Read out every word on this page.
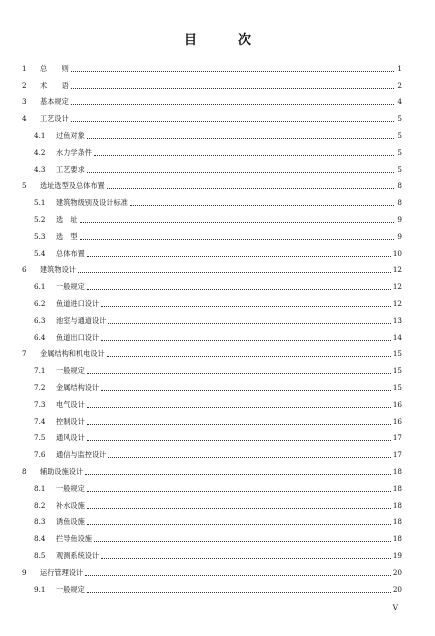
目　次
1	总　　则	1
2	术　　语	2
3	基本规定	4
4	工艺设计	5
4.1	过鱼对象	5
4.2	水力学条件	5
4.3	工艺要求	5
5	选址选型及总体布置	8
5.1	建筑物级别及设计标准	8
5.2	选　址	9
5.3	选　型	9
5.4	总体布置	10
6	建筑物设计	12
6.1	一般规定	12
6.2	鱼道进口设计	12
6.3	池室与通道设计	13
6.4	鱼道出口设计	14
7	金属结构和机电设计	15
7.1	一般规定	15
7.2	金属结构设计	15
7.3	电气设计	16
7.4	控制设计	16
7.5	通风设计	17
7.6	通信与监控设计	17
8	辅助设施设计	18
8.1	一般规定	18
8.2	补水设施	18
8.3	诱鱼设施	18
8.4	拦导鱼设施	18
8.5	观测系统设计	19
9	运行管理设计	20
9.1	一般规定	20
V
